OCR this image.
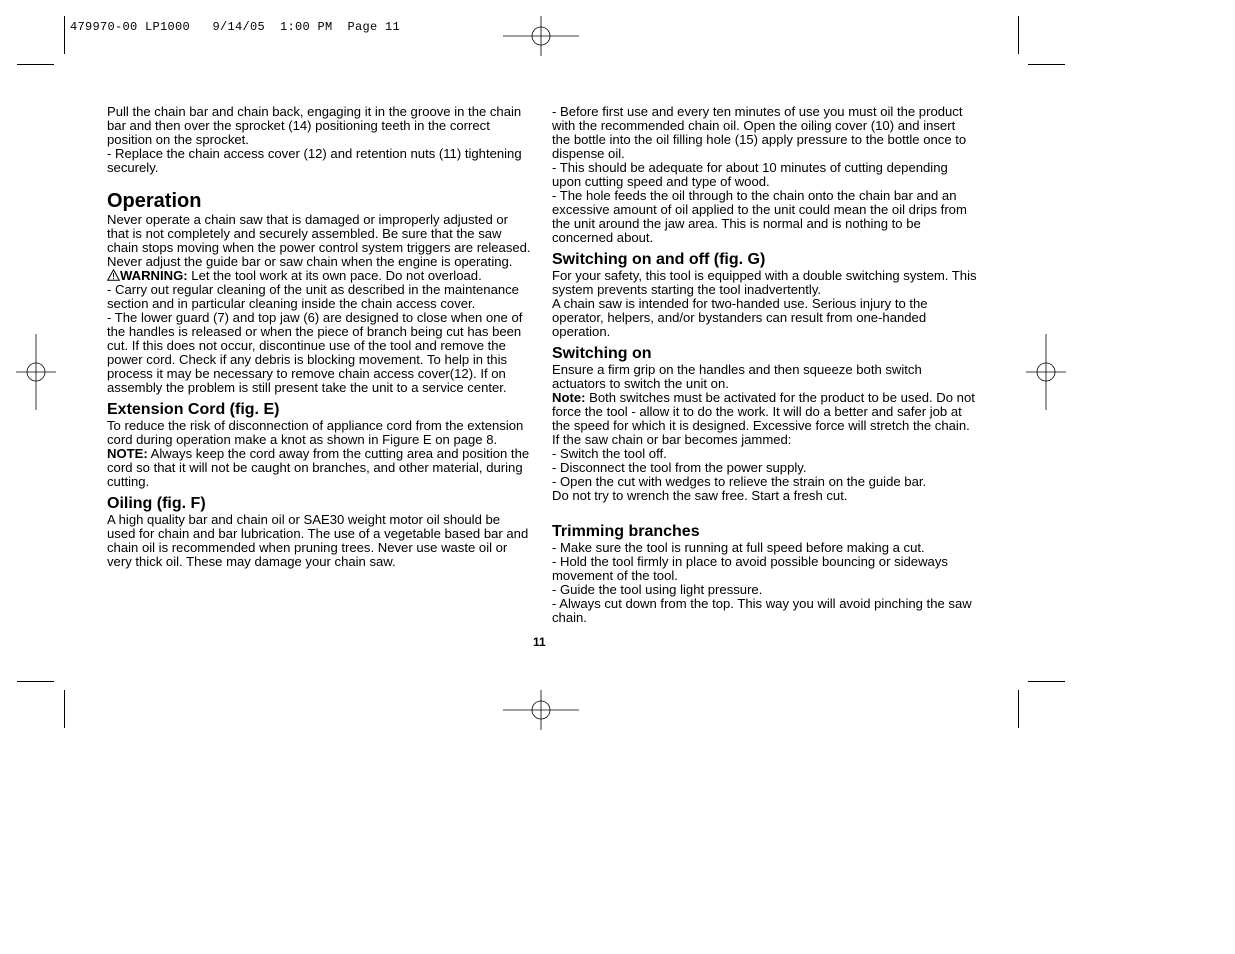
479970-00 LP1000   9/14/05  1:00 PM  Page 11

Pull the chain bar and chain back, engaging it in the groove in the chain bar and then over the sprocket (14) positioning teeth in the correct position on the sprocket.

- Replace the chain access cover (12) and retention nuts (11) tightening securely.

Operation

Never operate a chain saw that is damaged or improperly adjusted or that is not completely and securely assembled. Be sure that the saw chain stops moving when the power control system triggers are released. Never adjust the guide bar or saw chain when the engine is operating.

WARNING: Let the tool work at its own pace. Do not overload.

- Carry out regular cleaning of the unit as described in the maintenance section and in particular cleaning inside the chain access cover.

- The lower guard (7) and top jaw (6) are designed to close when one of the handles is released or when the piece of branch being cut has been cut. If this does not occur, discontinue use of the tool and remove the power cord. Check if any debris is blocking movement. To help in this process it may be necessary to remove chain access cover(12). If on assembly the problem is still present take the unit to a service center.

Extension Cord (fig. E)

To reduce the risk of disconnection of appliance cord from the extension cord during operation make a knot as shown in Figure E on page 8.

NOTE: Always keep the cord away from the cutting area and position the cord so that it will not be caught on branches, and other material, during cutting.

Oiling (fig. F)

A high quality bar and chain oil or SAE30 weight motor oil should be used for chain and bar lubrication. The use of a vegetable based bar and chain oil is recommended when pruning trees. Never use waste oil or very thick oil. These may damage your chain saw.

- Before first use and every ten minutes of use you must oil the product with the recommended chain oil. Open the oiling cover (10) and insert the bottle into the oil filling hole (15) apply pressure to the bottle once to dispense oil.

- This should be adequate for about 10 minutes of cutting depending upon cutting speed and type of wood.

- The hole feeds the oil through to the chain onto the chain bar and an excessive amount of oil applied to the unit could mean the oil drips from the unit around the jaw area. This is normal and is nothing to be concerned about.

Switching on and off (fig. G)

For your safety, this tool is equipped with a double switching system. This system prevents starting the tool inadvertently.

A chain saw is intended for two-handed use. Serious injury to the operator, helpers, and/or bystanders can result from one-handed operation.

Switching on

Ensure a firm grip on the handles and then squeeze both switch actuators to switch the unit on.

Note: Both switches must be activated for the product to be used. Do not force the tool - allow it to do the work. It will do a better and safer job at the speed for which it is designed. Excessive force will stretch the chain.

If the saw chain or bar becomes jammed:

- Switch the tool off.

- Disconnect the tool from the power supply.

- Open the cut with wedges to relieve the strain on the guide bar.

Do not try to wrench the saw free. Start a fresh cut.

Trimming branches

- Make sure the tool is running at full speed before making a cut.

- Hold the tool firmly in place to avoid possible bouncing or sideways movement of the tool.

- Guide the tool using light pressure.

- Always cut down from the top. This way you will avoid pinching the saw chain.

11
